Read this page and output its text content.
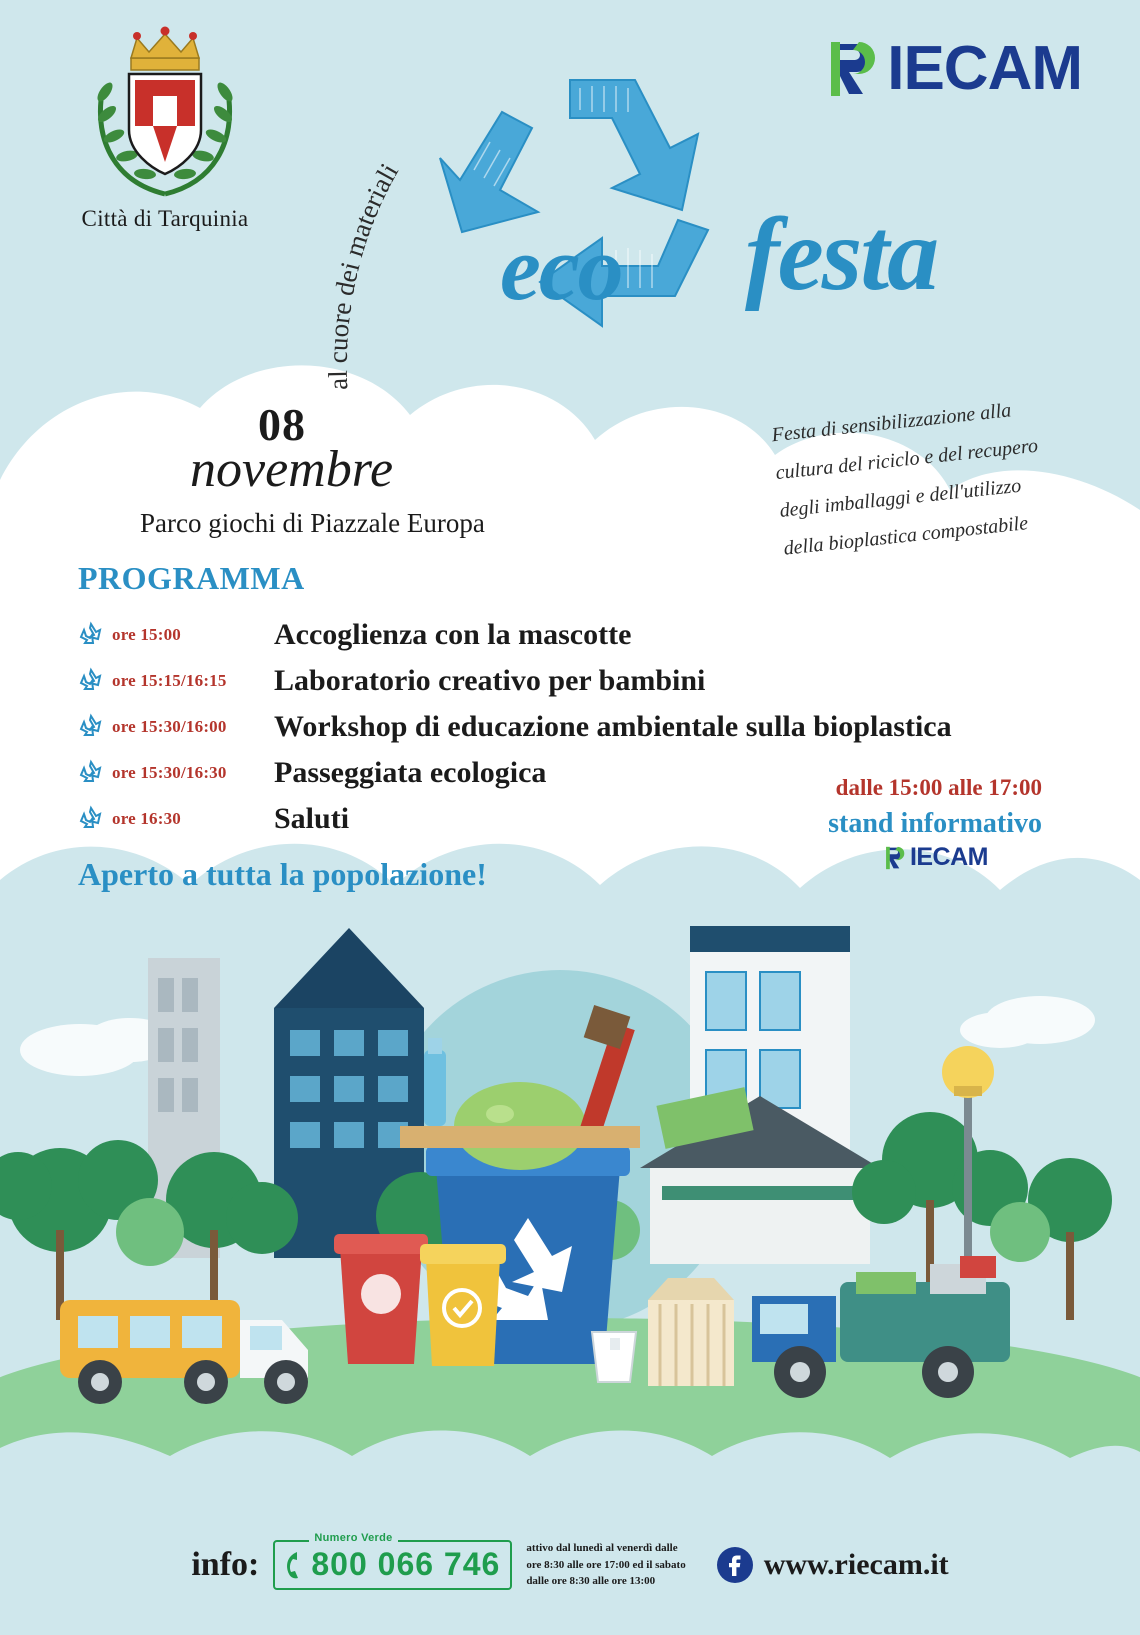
Città di Tarquinia
IECAM
al cuore dei materiali
eco festa
08
novembre
Parco giochi di Piazzale Europa
Festa di sensibilizzazione alla
cultura del riciclo e del recupero
degli imballaggi e dell'utilizzo
della bioplastica compostabile
PROGRAMMA
ore 15:00	Accoglienza con la mascotte
ore 15:15/16:15	Laboratorio creativo per bambini
ore 15:30/16:00	Workshop di educazione ambientale sulla bioplastica
ore 15:30/16:30	Passeggiata ecologica
ore 16:30	Saluti
Aperto a tutta la popolazione!
dalle 15:00 alle 17:00
stand informativo
IECAM
info:
Numero Verde
800 066 746 attivo dal lunedì al venerdì dalle
ore 8:30 alle ore 17:00 ed il sabato
dalle ore 8:30 alle ore 13:00
www.riecam.it
